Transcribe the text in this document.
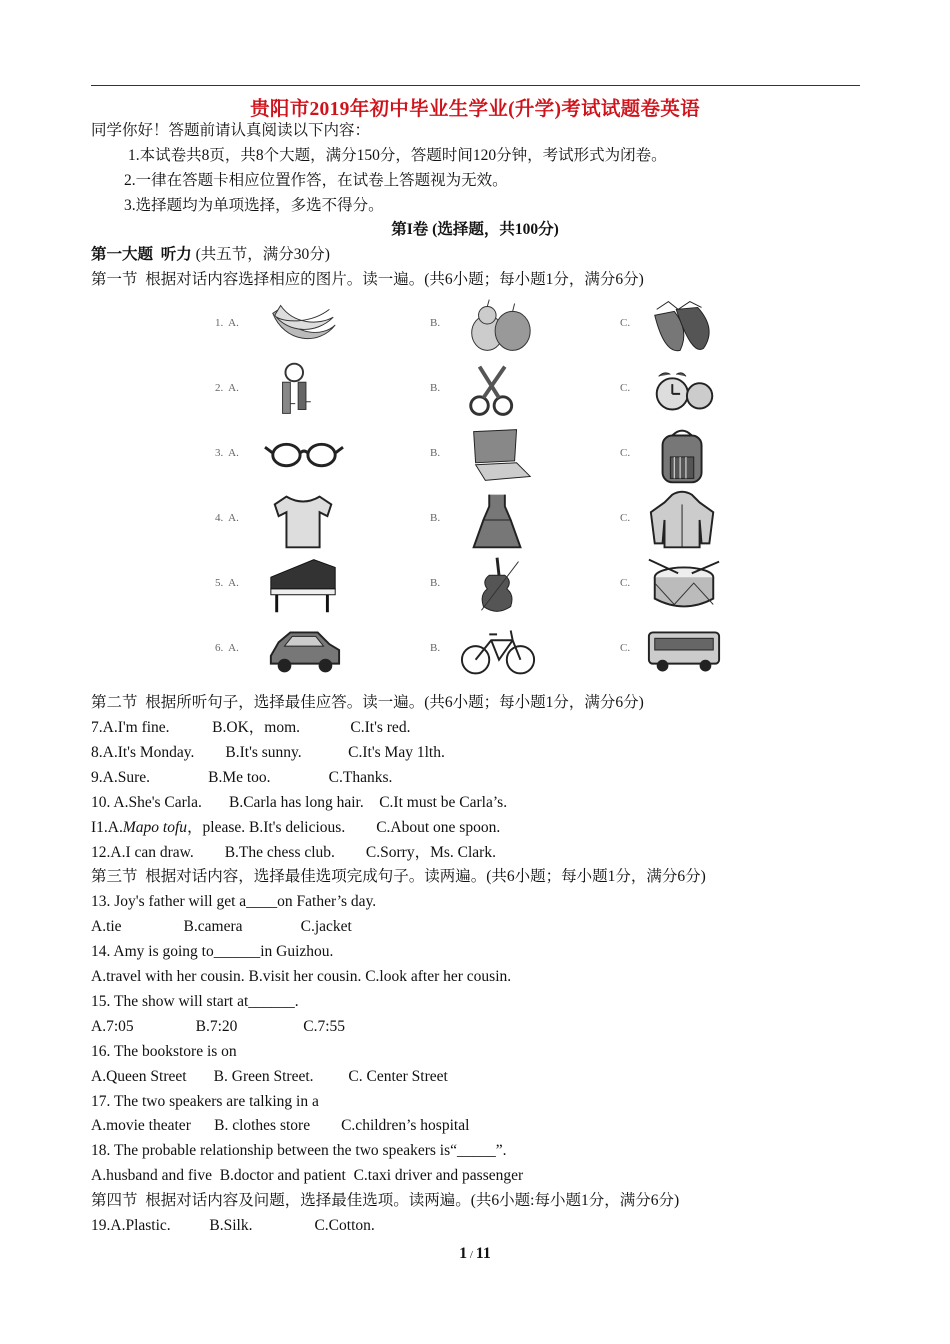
贵阳市2019年初中毕业生学业(升学)考试试题卷英语
同学你好！答题前请认真阅读以下内容：
1.本试卷共8页，共8个大题，满分150分，答题时间120分钟，考试形式为闭卷。
2.一律在答题卡相应位置作答，在试卷上答题视为无效。
3.选择题均为单项选择，多选不得分。
第I卷 (选择题，共100分)
第一大题  听力 (共五节，满分30分)
第一节  根据对话内容选择相应的图片。读一遍。(共6小题；每小题1分，满分6分)
1.  A.	B.	C.
2.  A.	B.	C.
3.  A.	B.	C.
4.  A.	B.	C.
5.  A.	B.	C.
6.  A.	B.	C.
第二节  根据所听句子，选择最佳应答。读一遍。(共6小题；每小题1分，满分6分)
7.A.I'm fine.           B.OK，mom.             C.It's red.
8.A.It's Monday.        B.It's sunny.            C.It's May 1lth.
9.A.Sure.               B.Me too.               C.Thanks.
10. A.She's Carla.       B.Carla has long hair.    C.It must be Carla’s.
I1.A.Mapo tofu，please. B.It's delicious.        C.About one spoon.
12.A.I can draw.        B.The chess club.        C.Sorry，Ms. Clark.
第三节  根据对话内容，选择最佳选项完成句子。读两遍。(共6小题；每小题1分，满分6分)
13. Joy's father will get a____on Father’s day.
A.tie                B.camera               C.jacket
14. Amy is going to______in Guizhou.
A.travel with her cousin. B.visit her cousin. C.look after her cousin.
15. The show will start at______.
A.7:05                B.7:20                 C.7:55
16. The bookstore is on
A.Queen Street       B. Green Street.         C. Center Street
17. The two speakers are talking in a
A.movie theater      B. clothes store        C.children’s hospital
18. The probable relationship between the two speakers is“_____”.
A.husband and five  B.doctor and patient  C.taxi driver and passenger
第四节  根据对话内容及问题，选择最佳选项。读两遍。(共6小题:每小题1分，满分6分)
19.A.Plastic.          B.Silk.                C.Cotton.
1 / 11
